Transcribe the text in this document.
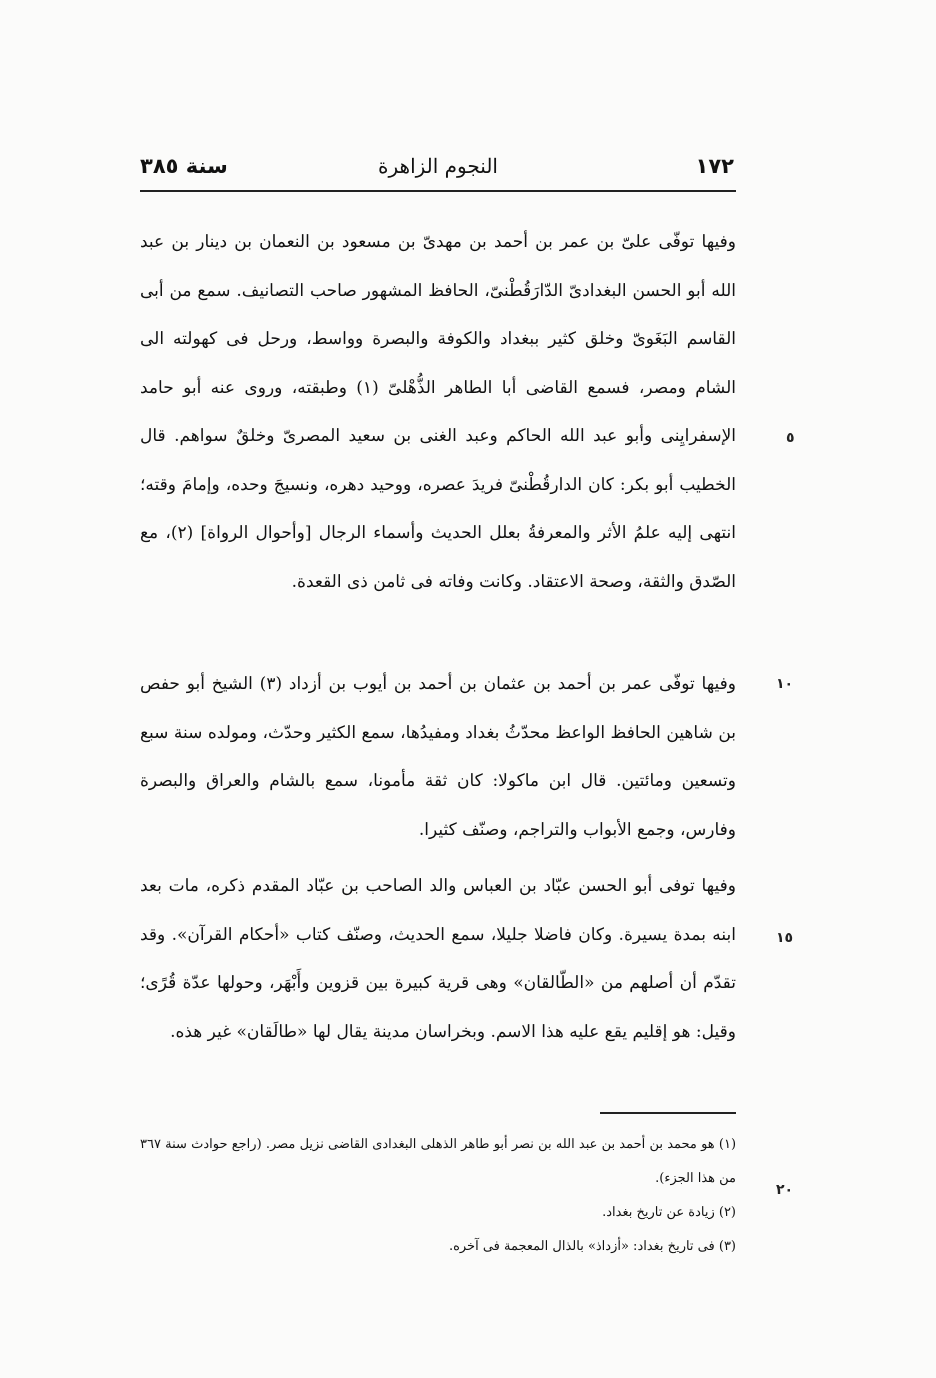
١٧٢
النجوم الزاهرة
سنة ٣٨٥

وفيها توفّى علىّ بن عمر بن أحمد بن مهدىّ بن مسعود بن النعمان بن دينار بن عبد الله أبو الحسن البغدادىّ الدّارَقُطْنىّ، الحافظ المشهور صاحب التصانيف. سمع من أبى القاسم البَغَوىّ وخلق كثير ببغداد والكوفة والبصرة وواسط، ورحل فى كهولته الى الشام ومصر، فسمع القاضى أبا الطاهر الذُّهْلىّ (١) وطبقته، وروى عنه أبو حامد الإسفرايِنى وأبو عبد الله الحاكم وعبد الغنى بن سعيد المصرىّ وخلقٌ سواهم. قال الخطيب أبو بكر: كان الدارقُطْنىّ فريدَ عصره، ووحيد دهره، ونسيجَ وحده، وإمامَ وقته؛ انتهى إليه علمُ الأثر والمعرفةُ بعلل الحديث وأسماء الرجال [وأحوال الرواة] (٢)، مع الصّدق والثقة، وصحة الاعتقاد. وكانت وفاته فى ثامن ذى القعدة.

وفيها توفّى عمر بن أحمد بن عثمان بن أحمد بن أيوب بن أزداد (٣) الشيخ أبو حفص بن شاهين الحافظ الواعظ محدّثُ بغداد ومفيدُها، سمع الكثير وحدّث، ومولده سنة سبع وتسعين ومائتين. قال ابن ماكولا: كان ثقة مأمونا، سمع بالشام والعراق والبصرة وفارس، وجمع الأبواب والتراجم، وصنّف كثيرا.

وفيها توفى أبو الحسن عبّاد بن العباس والد الصاحب بن عبّاد المقدم ذكره، مات بعد ابنه بمدة يسيرة. وكان فاضلا جليلا، سمع الحديث، وصنّف كتاب «أحكام القرآن». وقد تقدّم أن أصلهم من «الطّالقان» وهى قرية كبيرة بين قزوين وأَبْهَر، وحولها عدّة قُرًى؛ وقيل: هو إقليم يقع عليه هذا الاسم. وبخراسان مدينة يقال لها «طالَقان» غير هذه.

٥
١٠
١٥
٢٠

(١) هو محمد بن أحمد بن عبد الله بن نصر أبو طاهر الذهلى البغدادى القاضى نزيل مصر. (راجع حوادث سنة ٣٦٧ من هذا الجزء).

(٢) زيادة عن تاريخ بغداد.

(٣) فى تاريخ بغداد: «أزداذ» بالذال المعجمة فى آخره.
